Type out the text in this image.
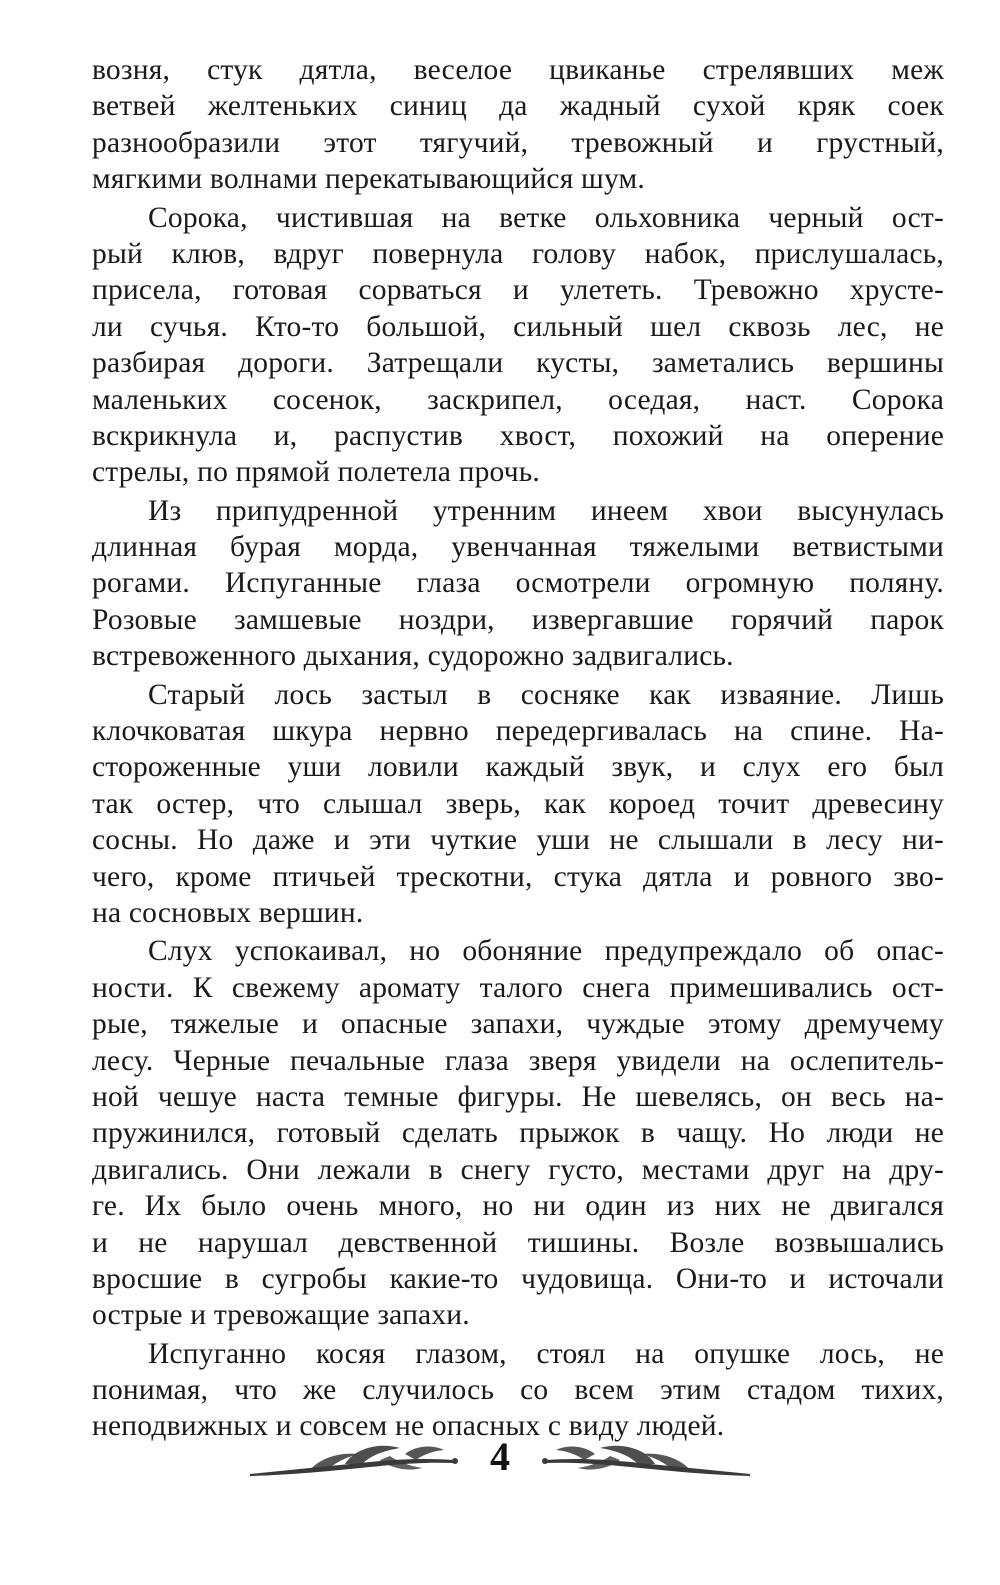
возня, стук дятла, веселое цвиканье стрелявших меж
ветвей желтеньких синиц да жадный сухой кряк соек
разнообразили этот тягучий, тревожный и грустный,
мягкими волнами перекатывающийся шум.
Сорока, чистившая на ветке ольховника черный ост-
рый клюв, вдруг повернула голову набок, прислушалась,
присела, готовая сорваться и улететь. Тревожно хрусте-
ли сучья. Кто-то большой, сильный шел сквозь лес, не
разбирая дороги. Затрещали кусты, заметались вершины
маленьких сосенок, заскрипел, оседая, наст. Сорока
вскрикнула и, распустив хвост, похожий на оперение
стрелы, по прямой полетела прочь.
Из припудренной утренним инеем хвои высунулась
длинная бурая морда, увенчанная тяжелыми ветвистыми
рогами. Испуганные глаза осмотрели огромную поляну.
Розовые замшевые ноздри, извергавшие горячий парок
встревоженного дыхания, судорожно задвигались.
Старый лось застыл в сосняке как изваяние. Лишь
клочковатая шкура нервно передергивалась на спине. На-
стороженные уши ловили каждый звук, и слух его был
так остер, что слышал зверь, как короед точит древесину
сосны. Но даже и эти чуткие уши не слышали в лесу ни-
чего, кроме птичьей трескотни, стука дятла и ровного зво-
на сосновых вершин.
Слух успокаивал, но обоняние предупреждало об опас-
ности. К свежему аромату талого снега примешивались ост-
рые, тяжелые и опасные запахи, чуждые этому дремучему
лесу. Черные печальные глаза зверя увидели на ослепитель-
ной чешуе наста темные фигуры. Не шевелясь, он весь на-
пружинился, готовый сделать прыжок в чащу. Но люди не
двигались. Они лежали в снегу густо, местами друг на дру-
ге. Их было очень много, но ни один из них не двигался
и не нарушал девственной тишины. Возле возвышались
вросшие в сугробы какие-то чудовища. Они-то и источали
острые и тревожащие запахи.
Испуганно косяя глазом, стоял на опушке лось, не
понимая, что же случилось со всем этим стадом тихих,
неподвижных и совсем не опасных с виду людей.
4
